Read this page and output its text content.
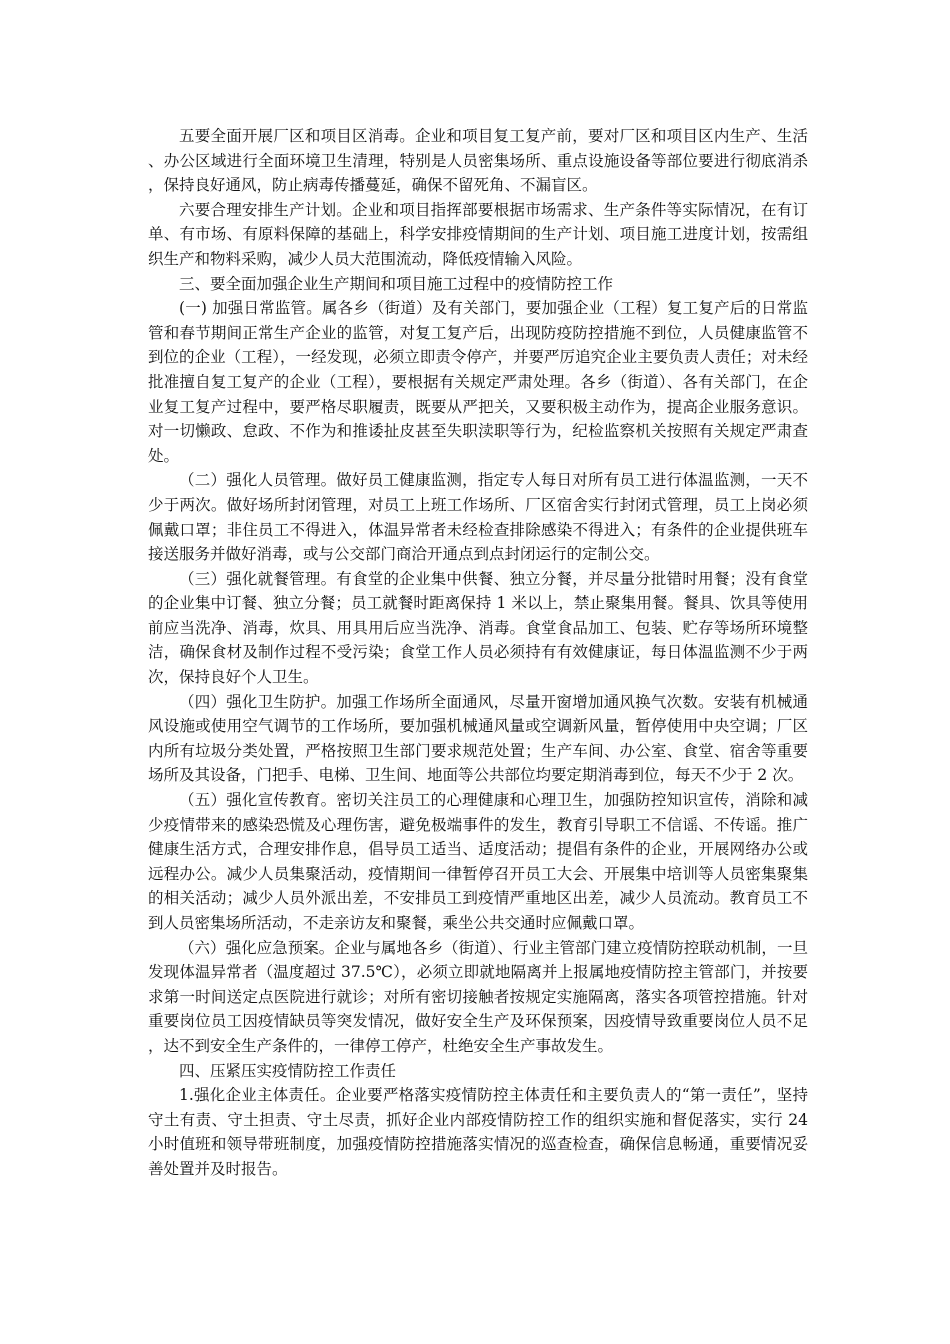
五要全面开展厂区和项目区消毒。企业和项目复工复产前，要对厂区和项目区内生产、生活、办公区域进行全面环境卫生清理，特别是人员密集场所、重点设施设备等部位要进行彻底消杀，保持良好通风，防止病毒传播蔓延，确保不留死角、不漏盲区。

六要合理安排生产计划。企业和项目指挥部要根据市场需求、生产条件等实际情况，在有订单、有市场、有原料保障的基础上，科学安排疫情期间的生产计划、项目施工进度计划，按需组织生产和物料采购，减少人员大范围流动，降低疫情输入风险。

三、要全面加强企业生产期间和项目施工过程中的疫情防控工作

(一) 加强日常监管。属各乡（街道）及有关部门，要加强企业（工程）复工复产后的日常监管和春节期间正常生产企业的监管，对复工复产后，出现防疫防控措施不到位，人员健康监管不到位的企业（工程），一经发现，必须立即责令停产，并要严厉追究企业主要负责人责任；对未经批准擅自复工复产的企业（工程），要根据有关规定严肃处理。各乡（街道）、各有关部门，在企业复工复产过程中，要严格尽职履责，既要从严把关，又要积极主动作为，提高企业服务意识。对一切懒政、怠政、不作为和推诿扯皮甚至失职渎职等行为，纪检监察机关按照有关规定严肃查处。

（二）强化人员管理。做好员工健康监测，指定专人每日对所有员工进行体温监测，一天不少于两次。做好场所封闭管理，对员工上班工作场所、厂区宿舍实行封闭式管理，员工上岗必须佩戴口罩；非住员工不得进入，体温异常者未经检查排除感染不得进入；有条件的企业提供班车接送服务并做好消毒，或与公交部门商洽开通点到点封闭运行的定制公交。

（三）强化就餐管理。有食堂的企业集中供餐、独立分餐，并尽量分批错时用餐；没有食堂的企业集中订餐、独立分餐；员工就餐时距离保持 1 米以上，禁止聚集用餐。餐具、饮具等使用前应当洗净、消毒，炊具、用具用后应当洗净、消毒。食堂食品加工、包装、贮存等场所环境整洁，确保食材及制作过程不受污染；食堂工作人员必须持有有效健康证，每日体温监测不少于两次，保持良好个人卫生。

（四）强化卫生防护。加强工作场所全面通风，尽量开窗增加通风换气次数。安装有机械通风设施或使用空气调节的工作场所，要加强机械通风量或空调新风量，暂停使用中央空调；厂区内所有垃圾分类处置，严格按照卫生部门要求规范处置；生产车间、办公室、食堂、宿舍等重要场所及其设备，门把手、电梯、卫生间、地面等公共部位均要定期消毒到位，每天不少于 2 次。

（五）强化宣传教育。密切关注员工的心理健康和心理卫生，加强防控知识宣传，消除和减少疫情带来的感染恐慌及心理伤害，避免极端事件的发生，教育引导职工不信谣、不传谣。推广健康生活方式，合理安排作息，倡导员工适当、适度活动；提倡有条件的企业，开展网络办公或远程办公。减少人员集聚活动，疫情期间一律暂停召开员工大会、开展集中培训等人员密集聚集的相关活动；减少人员外派出差，不安排员工到疫情严重地区出差，减少人员流动。教育员工不到人员密集场所活动，不走亲访友和聚餐，乘坐公共交通时应佩戴口罩。

（六）强化应急预案。企业与属地各乡（街道）、行业主管部门建立疫情防控联动机制，一旦发现体温异常者（温度超过 37.5℃），必须立即就地隔离并上报属地疫情防控主管部门，并按要求第一时间送定点医院进行就诊；对所有密切接触者按规定实施隔离，落实各项管控措施。针对重要岗位员工因疫情缺员等突发情况，做好安全生产及环保预案，因疫情导致重要岗位人员不足，达不到安全生产条件的，一律停工停产，杜绝安全生产事故发生。

四、压紧压实疫情防控工作责任

1.强化企业主体责任。企业要严格落实疫情防控主体责任和主要负责人的“第一责任”，坚持守土有责、守土担责、守土尽责，抓好企业内部疫情防控工作的组织实施和督促落实，实行 24 小时值班和领导带班制度，加强疫情防控措施落实情况的巡查检查，确保信息畅通，重要情况妥善处置并及时报告。
